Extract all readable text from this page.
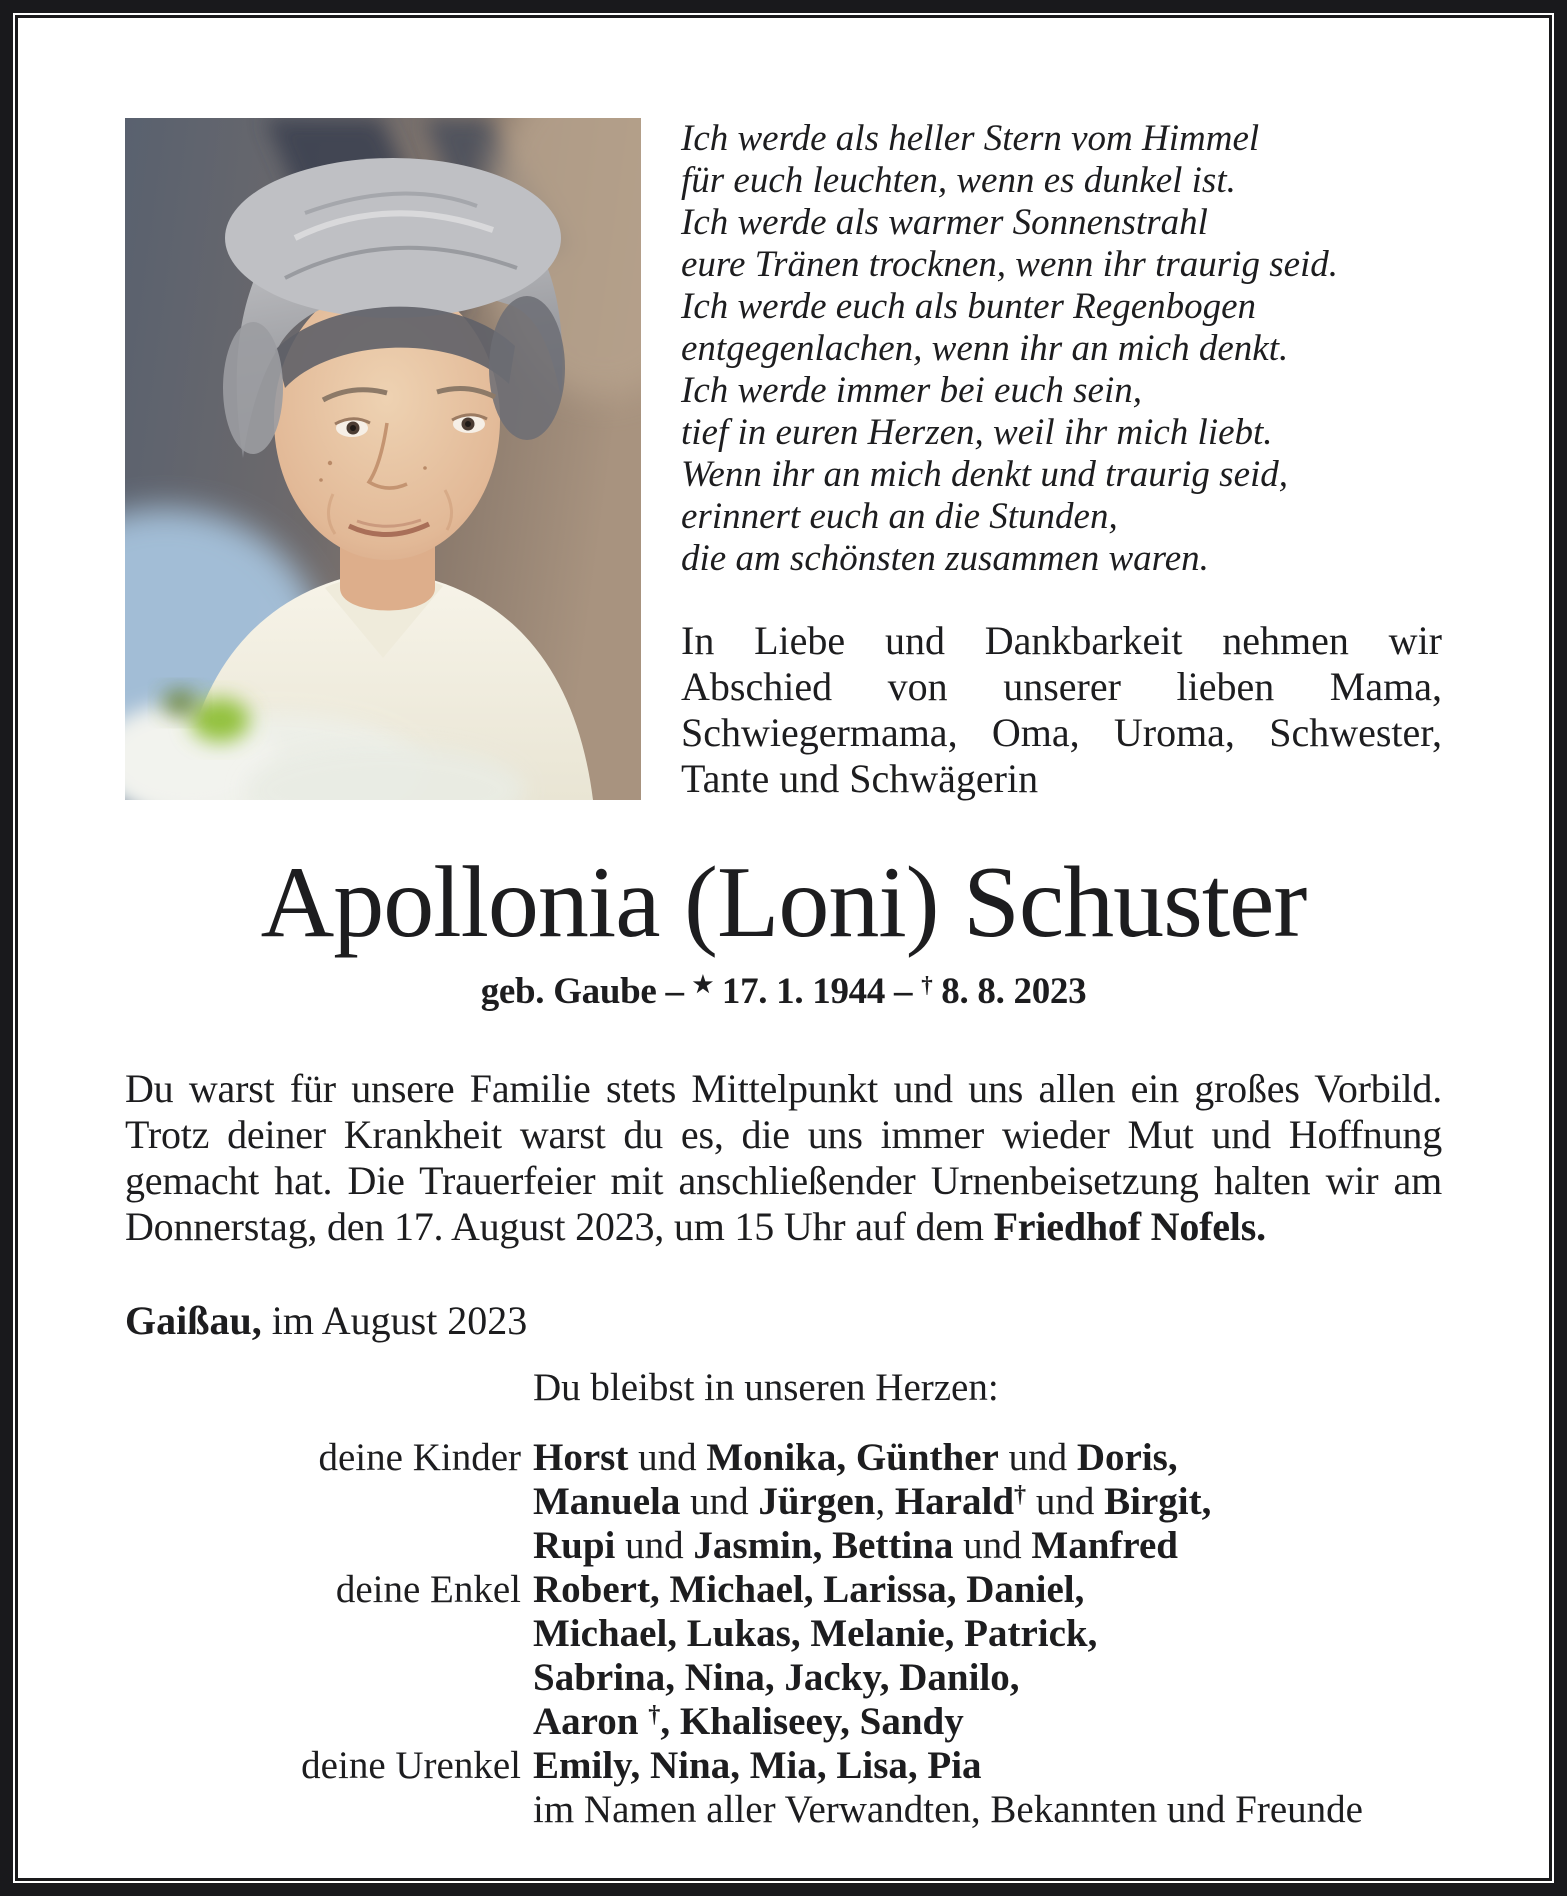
Ich werde als heller Stern vom Himmel
für euch leuchten, wenn es dunkel ist.
Ich werde als warmer Sonnenstrahl
eure Tränen trocknen, wenn ihr traurig seid.
Ich werde euch als bunter Regenbogen
entgegenlachen, wenn ihr an mich denkt.
Ich werde immer bei euch sein,
tief in euren Herzen, weil ihr mich liebt.
Wenn ihr an mich denkt und traurig seid,
erinnert euch an die Stunden,
die am schönsten zusammen waren.

In Liebe und Dankbarkeit nehmen wir Abschied von unserer lieben Mama, Schwiegermama, Oma, Uroma, Schwester, Tante und Schwägerin

Apollonia (Loni) Schuster
geb. Gaube – ★ 17. 1. 1944 – † 8. 8. 2023

Du warst für unsere Familie stets Mittelpunkt und uns allen ein großes Vorbild. Trotz deiner Krankheit warst du es, die uns immer wieder Mut und Hoffnung gemacht hat. Die Trauerfeier mit anschließender Urnenbeisetzung halten wir am Donnerstag, den 17. August 2023, um 15 Uhr auf dem Friedhof Nofels.

Gaißau, im August 2023
Du bleibst in unseren Herzen:
deine Kinder Horst und Monika, Günther und Doris,
Manuela und Jürgen, Harald† und Birgit,
Rupi und Jasmin, Bettina und Manfred
deine Enkel Robert, Michael, Larissa, Daniel,
Michael, Lukas, Melanie, Patrick,
Sabrina, Nina, Jacky, Danilo,
Aaron †, Khaliseey, Sandy
deine Urenkel Emily, Nina, Mia, Lisa, Pia
im Namen aller Verwandten, Bekannten und Freunde
